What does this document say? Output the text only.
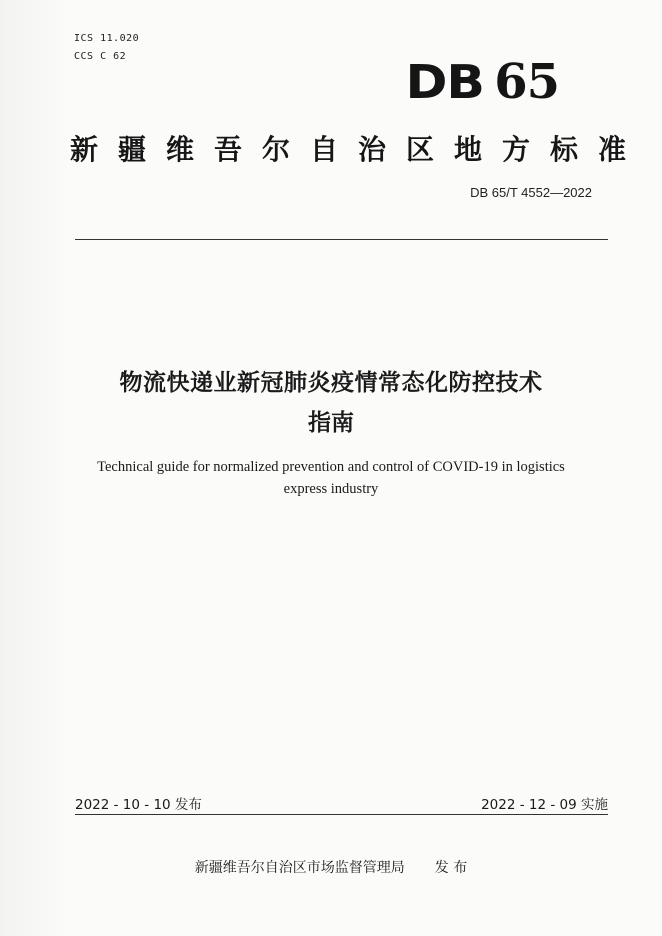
ICS 11.020
CCS C 62	DB 65
新疆维吾尔自治区地方标准
DB 65/T 4552—2022
物流快递业新冠肺炎疫情常态化防控技术
指南
Technical guide for normalized prevention and control of COVID-19 in logistics
express industry
2022 - 10 - 10 发布	2022 - 12 - 09 实施
新疆维吾尔自治区市场监督管理局 发 布
